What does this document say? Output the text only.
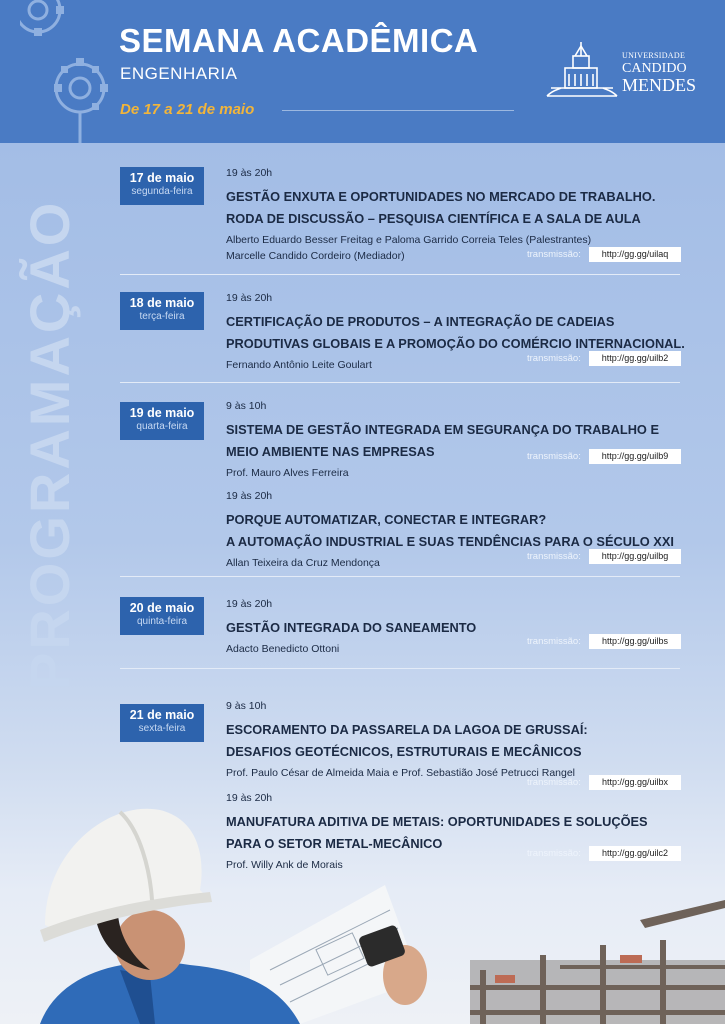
SEMANA ACADÊMICA

ENGENHARIA

De 17 a 21 de maio

UNIVERSIDADE
CANDIDO
MENDES
PROGRAMAÇÃO
17 de maio
segunda-feira
19 às 20h
GESTÃO ENXUTA E OPORTUNIDADES NO MERCADO DE TRABALHO.
RODA DE DISCUSSÃO – PESQUISA CIENTÍFICA E A SALA DE AULA
Alberto Eduardo Besser Freitag e Paloma Garrido Correia Teles (Palestrantes)
Marcelle Candido Cordeiro (Mediador)	transmissão:	http://gg.gg/uilaq
18 de maio
terça-feira
19 às 20h
CERTIFICAÇÃO DE PRODUTOS – A INTEGRAÇÃO DE CADEIAS
PRODUTIVAS GLOBAIS E A PROMOÇÃO DO COMÉRCIO INTERNACIONAL.
Fernando Antônio Leite Goulart
transmissão:	http://gg.gg/uilb2
19 de maio
quarta-feira
9 às 10h
SISTEMA DE GESTÃO INTEGRADA EM SEGURANÇA DO TRABALHO E
MEIO AMBIENTE NAS EMPRESAS
Prof. Mauro Alves Ferreira
transmissão:	http://gg.gg/uilb9
19 às 20h
PORQUE AUTOMATIZAR, CONECTAR E INTEGRAR?
A AUTOMAÇÃO INDUSTRIAL E SUAS TENDÊNCIAS PARA O SÉCULO XXI
Allan Teixeira da Cruz Mendonça
transmissão:	http://gg.gg/uilbg
20 de maio
quinta-feira
19 às 20h
GESTÃO INTEGRADA DO SANEAMENTO
Adacto Benedicto Ottoni
transmissão:	http://gg.gg/uilbs
21 de maio
sexta-feira
9 às 10h
ESCORAMENTO DA PASSARELA DA LAGOA DE GRUSSAÍ:
DESAFIOS GEOTÉCNICOS, ESTRUTURAIS E MECÂNICOS
Prof. Paulo César de Almeida Maia e Prof. Sebastião José Petrucci Rangel
transmissão:	http://gg.gg/uilbx
19 às 20h
MANUFATURA ADITIVA DE METAIS: OPORTUNIDADES E SOLUÇÕES
PARA O SETOR METAL-MECÂNICO
Prof. Willy Ank de Morais
transmissão:	http://gg.gg/uilc2
